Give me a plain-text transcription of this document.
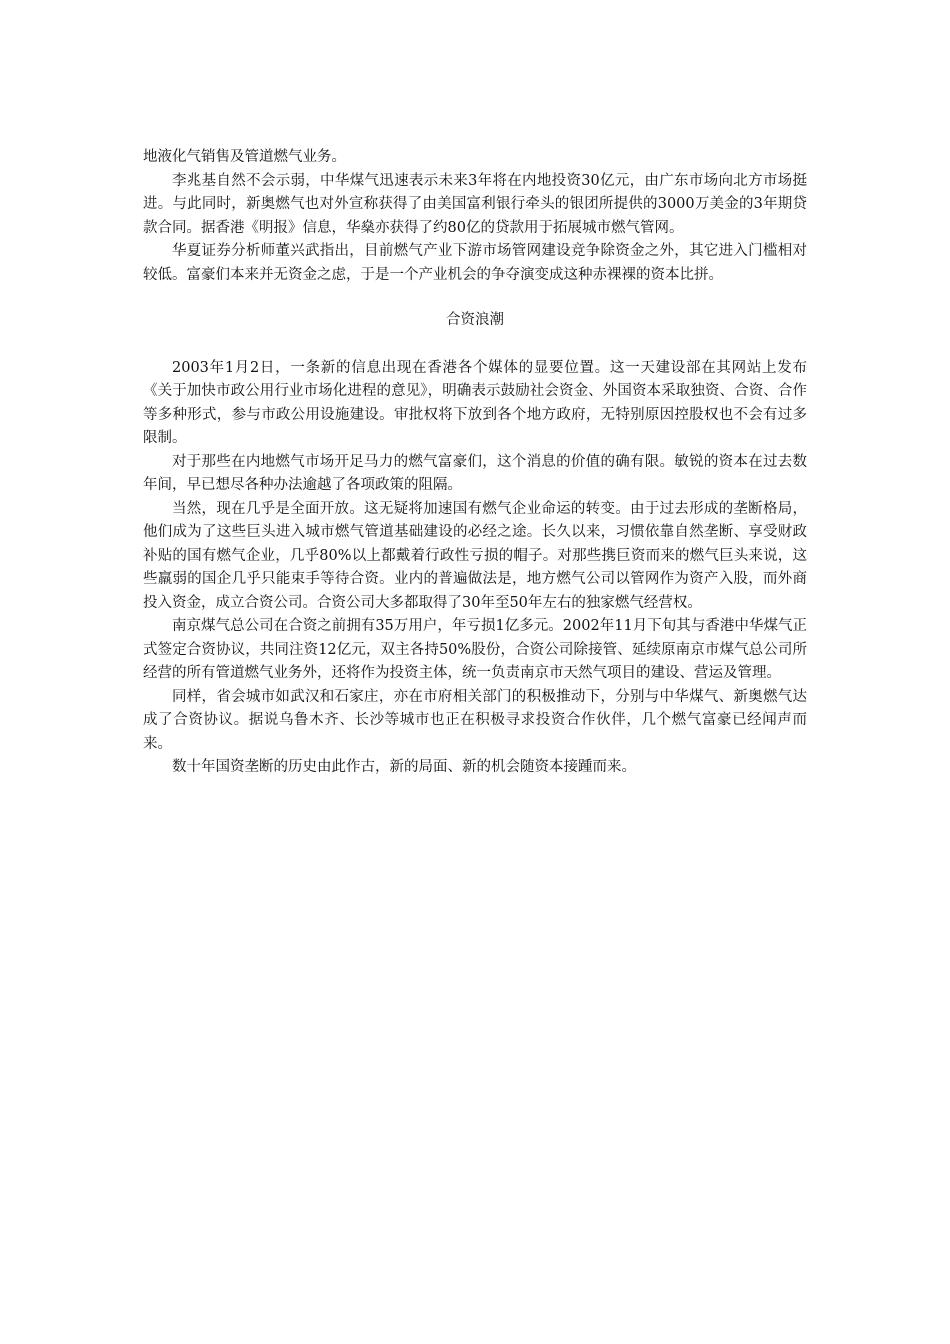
地液化气销售及管道燃气业务。

李兆基自然不会示弱，中华煤气迅速表示未来3年将在内地投资30亿元，由广东市场向北方市场挺进。与此同时，新奥燃气也对外宣称获得了由美国富利银行牵头的银团所提供的3000万美金的3年期贷款合同。据香港《明报》信息，华燊亦获得了约80亿的贷款用于拓展城市燃气管网。

华夏证券分析师董兴武指出，目前燃气产业下游市场管网建设竞争除资金之外，其它进入门槛相对较低。富豪们本来并无资金之虑，于是一个产业机会的争夺演变成这种赤裸裸的资本比拼。

合资浪潮

2003年1月2日，一条新的信息出现在香港各个媒体的显要位置。这一天建设部在其网站上发布《关于加快市政公用行业市场化进程的意见》，明确表示鼓励社会资金、外国资本采取独资、合资、合作等多种形式，参与市政公用设施建设。审批权将下放到各个地方政府，无特别原因控股权也不会有过多限制。

对于那些在内地燃气市场开足马力的燃气富豪们，这个消息的价值的确有限。敏锐的资本在过去数年间，早已想尽各种办法逾越了各项政策的阻隔。

当然，现在几乎是全面开放。这无疑将加速国有燃气企业命运的转变。由于过去形成的垄断格局，他们成为了这些巨头进入城市燃气管道基础建设的必经之途。长久以来，习惯依靠自然垄断、享受财政补贴的国有燃气企业，几乎80%以上都戴着行政性亏损的帽子。对那些携巨资而来的燃气巨头来说，这些羸弱的国企几乎只能束手等待合资。业内的普遍做法是，地方燃气公司以管网作为资产入股，而外商投入资金，成立合资公司。合资公司大多都取得了30年至50年左右的独家燃气经营权。

南京煤气总公司在合资之前拥有35万用户，年亏损1亿多元。2002年11月下旬其与香港中华煤气正式签定合资协议，共同注资12亿元，双主各持50%股份，合资公司除接管、延续原南京市煤气总公司所经营的所有管道燃气业务外，还将作为投资主体，统一负责南京市天然气项目的建设、营运及管理。

同样，省会城市如武汉和石家庄，亦在市府相关部门的积极推动下，分别与中华煤气、新奥燃气达成了合资协议。据说乌鲁木齐、长沙等城市也正在积极寻求投资合作伙伴，几个燃气富豪已经闻声而来。

数十年国资垄断的历史由此作古，新的局面、新的机会随资本接踵而来。
